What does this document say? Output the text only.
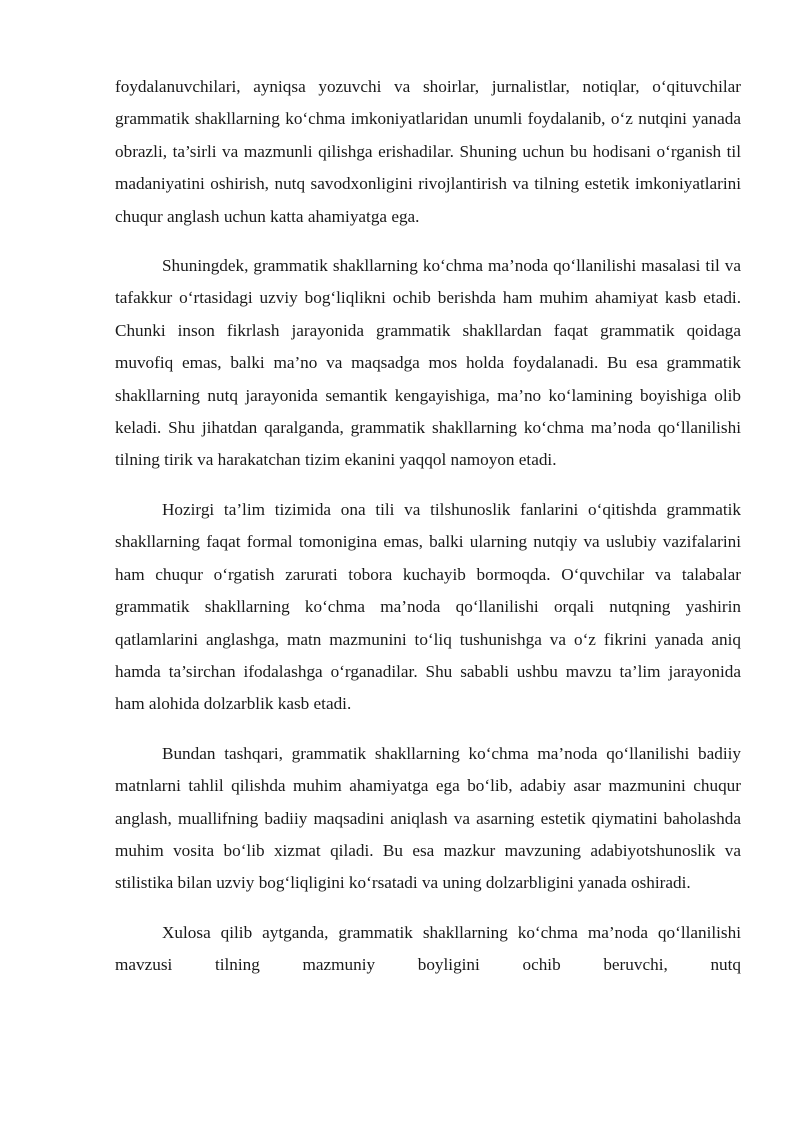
foydalanuvchilari, ayniqsa yozuvchi va shoirlar, jurnalistlar, notiqlar, o‘qituvchilar grammatik shakllarning ko‘chma imkoniyatlaridan unumli foydalanib, o‘z nutqini yanada obrazli, ta’sirli va mazmunli qilishga erishadilar. Shuning uchun bu hodisani o‘rganish til madaniyatini oshirish, nutq savodxonligini rivojlantirish va tilning estetik imkoniyatlarini chuqur anglash uchun katta ahamiyatga ega.

Shuningdek, grammatik shakllarning ko‘chma ma’noda qo‘llanilishi masalasi til va tafakkur o‘rtasidagi uzviy bog‘liqlikni ochib berishda ham muhim ahamiyat kasb etadi. Chunki inson fikrlash jarayonida grammatik shakllardan faqat grammatik qoidaga muvofiq emas, balki ma’no va maqsadga mos holda foydalanadi. Bu esa grammatik shakllarning nutq jarayonida semantik kengayishiga, ma’no ko‘lamining boyishiga olib keladi. Shu jihatdan qaralganda, grammatik shakllarning ko‘chma ma’noda qo‘llanilishi tilning tirik va harakatchan tizim ekanini yaqqol namoyon etadi.

Hozirgi ta’lim tizimida ona tili va tilshunoslik fanlarini o‘qitishda grammatik shakllarning faqat formal tomonigina emas, balki ularning nutqiy va uslubiy vazifalarini ham chuqur o‘rgatish zarurati tobora kuchayib bormoqda. O‘quvchilar va talabalar grammatik shakllarning ko‘chma ma’noda qo‘llanilishi orqali nutqning yashirin qatlamlarini anglashga, matn mazmunini to‘liq tushunishga va o‘z fikrini yanada aniq hamda ta’sirchan ifodalashga o‘rganadilar. Shu sababli ushbu mavzu ta’lim jarayonida ham alohida dolzarblik kasb etadi.

Bundan tashqari, grammatik shakllarning ko‘chma ma’noda qo‘llanilishi badiiy matnlarni tahlil qilishda muhim ahamiyatga ega bo‘lib, adabiy asar mazmunini chuqur anglash, muallifning badiiy maqsadini aniqlash va asarning estetik qiymatini baholashda muhim vosita bo‘lib xizmat qiladi. Bu esa mazkur mavzuning adabiyotshunoslik va stilistika bilan uzviy bog‘liqligini ko‘rsatadi va uning dolzarbligini yanada oshiradi.

Xulosa qilib aytganda, grammatik shakllarning ko‘chma ma’noda qo‘llanilishi mavzusi tilning mazmuniy boyligini ochib beruvchi, nutq
